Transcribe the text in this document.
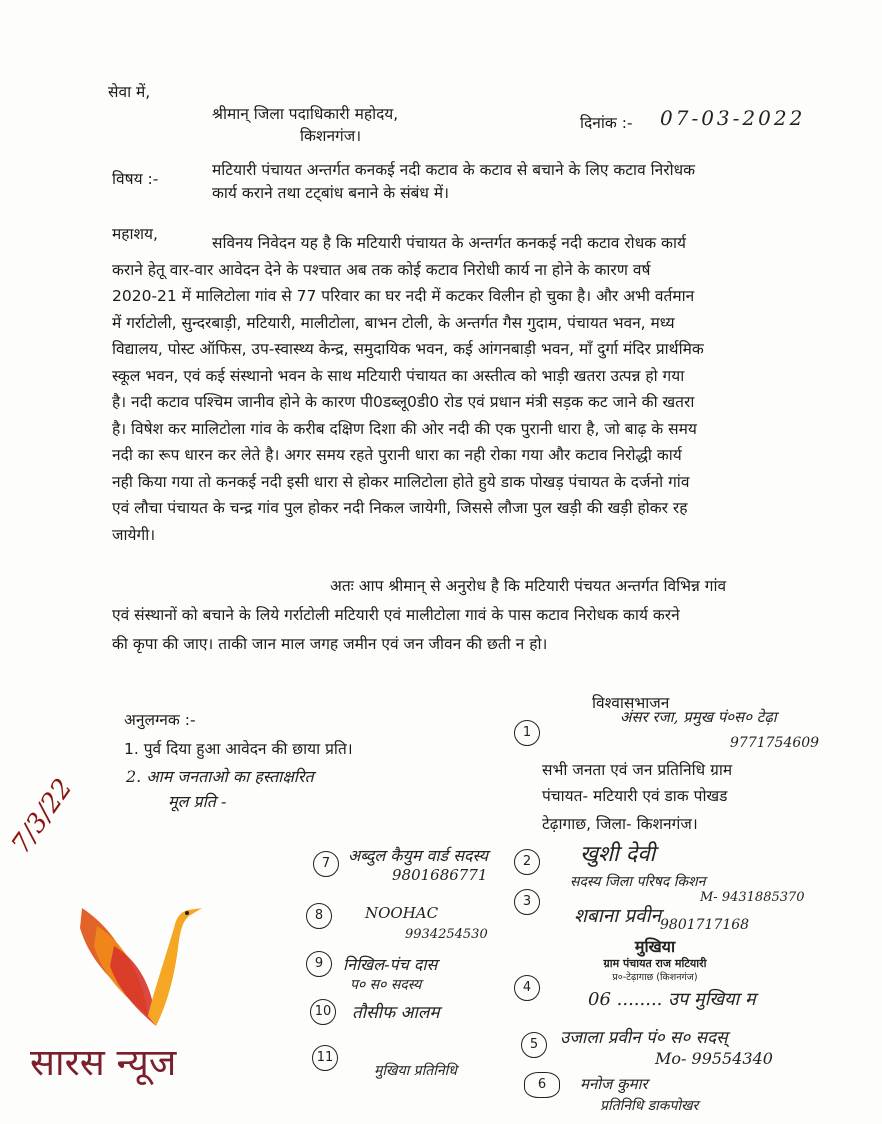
सेवा में,
श्रीमान् जिला पदाधिकारी महोदय,
किशनगंज।
दिनांक :- 07-03-2022
विषय :-	मटियारी पंचायत अन्तर्गत कनकई नदी कटाव के कटाव से बचाने के लिए कटाव निरोधक
कार्य कराने तथा टट्बांध बनाने के संबंध में।
महाशय,	सविनय निवेदन यह है कि मटियारी पंचायत के अन्तर्गत कनकई नदी कटाव रोधक कार्य
कराने हेतू वार-वार आवेदन देने के पश्चात अब तक कोई कटाव निरोधी कार्य ना होने के कारण वर्ष
2020-21 में मालिटोला गांव से 77 परिवार का घर नदी में कटकर विलीन हो चुका है। और अभी वर्तमान
में गर्राटोली, सुन्दरबाड़ी, मटियारी, मालीटोला, बाभन टोली, के अन्तर्गत गैस गुदाम, पंचायत भवन, मध्य
विद्यालय, पोस्ट ऑफिस, उप-स्वास्थ्य केन्द्र, समुदायिक भवन, कई आंगनबाड़ी भवन, माँ दुर्गा मंदिर प्रार्थमिक
स्कूल भवन, एवं कई संस्थानो भवन के साथ मटियारी पंचायत का अस्तीत्व को भाड़ी खतरा उत्पन्न हो गया
है। नदी कटाव पश्चिम जानीव होने के कारण पी0डब्लू0डी0 रोड एवं प्रधान मंत्री सड़क कट जाने की खतरा
है। विषेश कर मालिटोला गांव के करीब दक्षिण दिशा की ओर नदी की एक पुरानी धारा है, जो बाढ़ के समय
नदी का रूप धारन कर लेते है। अगर समय रहते पुरानी धारा का नही रोका गया और कटाव निरोद्धी कार्य
नही किया गया तो कनकई नदी इसी धारा से होकर मालिटोला होते हुये डाक पोखड़ पंचायत के दर्जनो गांव
एवं लौचा पंचायत के चन्द्र गांव पुल होकर नदी निकल जायेगी, जिससे लौजा पुल खड़ी की खड़ी होकर रह
जायेगी।
अतः आप श्रीमान् से अनुरोध है कि मटियारी पंचयत अन्तर्गत विभिन्न गांव
एवं संस्थानों को बचाने के लिये गर्राटोली मटियारी एवं मालीटोला गावं के पास कटाव निरोधक कार्य करने
की कृपा की जाए। ताकी जान माल जगह जमीन एवं जन जीवन की छती न हो।
अनुलग्नक :-
1. पुर्व दिया हुआ आवेदन की छाया प्रति।
2. आम जनताओ का हस्ताक्षरित
मूल प्रति -
विश्वासभाजन
सभी जनता एवं जन प्रतिनिधि ग्राम
पंचायत- मटियारी एवं डाक पोखड
टेढ़ागाछ, जिला- किशनगंज।
1
अंसर रजा, प्रमुख पं०स० टेढ़ा
9771754609
2	खुशी देवी
सदस्य जिला परिषद किशन
M- 9431885370
3
शबाना प्रवीन
9801717168
मुखिया
ग्राम पंचायत राज मटियारी
प्र०-टेढ़ागाछ (किशनगंज)
4
06 ........ उप मुखिया म
5	उजाला प्रवीन पं० स० सदस्
Mo- 99554340
6	मनोज कुमार
प्रतिनिधि डाकपोखर
7	अब्दुल कैयुम वार्ड सदस्य
9801686771
8	NOOHAC
9934254530
9	निखिल-पंच दास
प० स० सदस्य
10 तौसीफ आलम
11
मुखिया प्रतिनिधि
7/3/22
सारस न्यूज
